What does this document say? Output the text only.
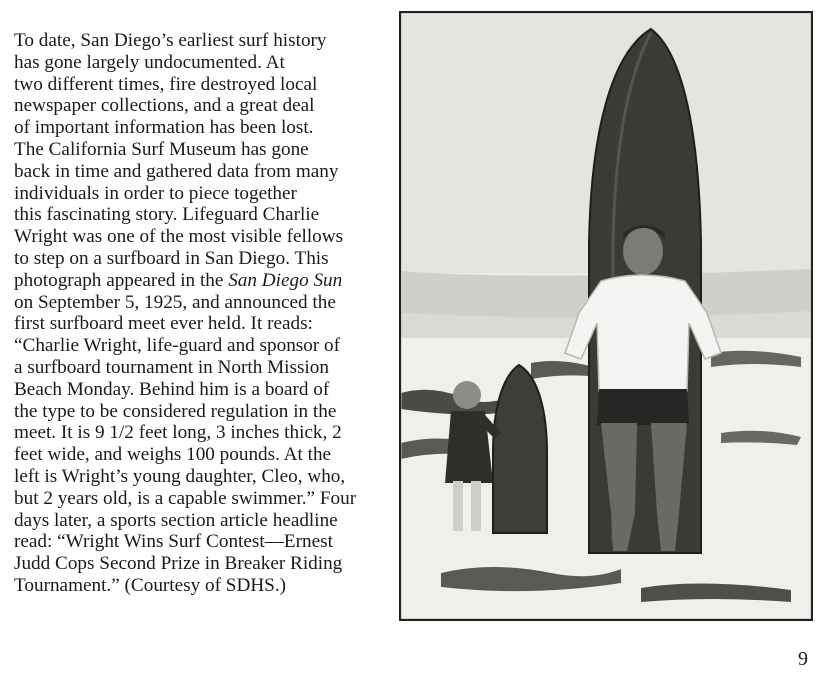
To date, San Diego’s earliest surf history
has gone largely undocumented. At
two different times, fire destroyed local
newspaper collections, and a great deal
of important information has been lost.
The California Surf Museum has gone
back in time and gathered data from many
individuals in order to piece together
this fascinating story. Lifeguard Charlie
Wright was one of the most visible fellows
to step on a surfboard in San Diego. This
photograph appeared in the San Diego Sun
on September 5, 1925, and announced the
first surfboard meet ever held. It reads:
“Charlie Wright, life-guard and sponsor of
a surfboard tournament in North Mission
Beach Monday. Behind him is a board of
the type to be considered regulation in the
meet. It is 9 1/2 feet long, 3 inches thick, 2
feet wide, and weighs 100 pounds. At the
left is Wright’s young daughter, Cleo, who,
but 2 years old, is a capable swimmer.” Four
days later, a sports section article headline
read: “Wright Wins Surf Contest—Ernest
Judd Cops Second Prize in Breaker Riding
Tournament.” (Courtesy of SDHS.)
9
